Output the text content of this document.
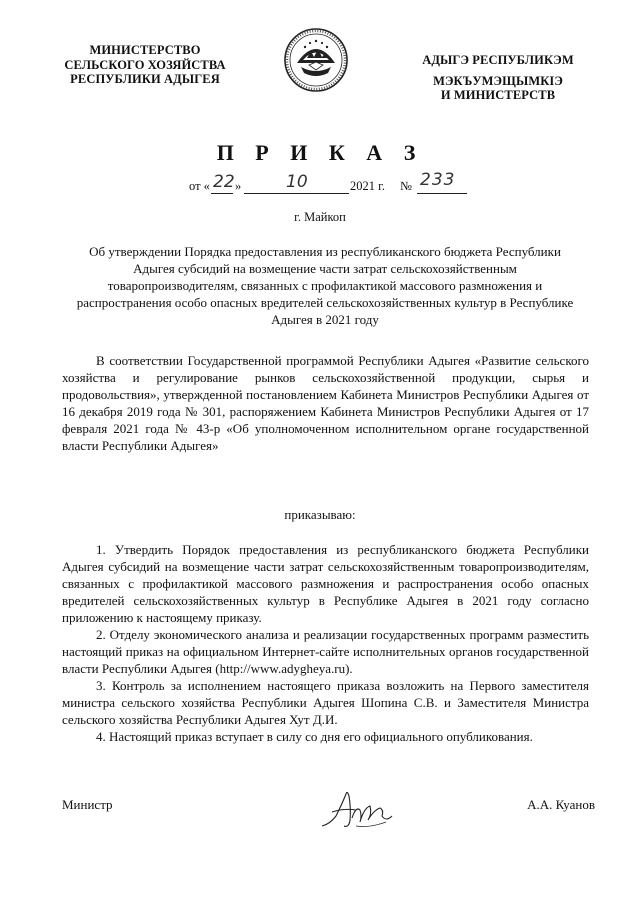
МИНИСТЕРСТВО
СЕЛЬСКОГО ХОЗЯЙСТВА
РЕСПУБЛИКИ АДЫГЕЯ
АДЫГЭ РЕСПУБЛИКЭМ
МЭКЪУМЭЩЫМКIЭ
И МИНИСТЕРСТВ
П Р И К А З
от « »
22	10	2021 г. № 233
г. Майкоп
Об утверждении Порядка предоставления из республиканского бюджета Республики Адыгея субсидий на возмещение части затрат сельскохозяйственным товаропроизводителям, связанных с профилактикой массового размножения и распространения особо опасных вредителей сельскохозяйственных культур в Республике Адыгея в 2021 году
В соответствии Государственной программой Республики Адыгея «Развитие сельского хозяйства и регулирование рынков сельскохозяйственной продукции, сырья и продовольствия», утвержденной постановлением Кабинета Министров Республики Адыгея от 16 декабря 2019 года № 301, распоряжением Кабинета Министров Республики Адыгея от 17 февраля 2021 года № 43-р «Об уполномоченном исполнительном органе государственной власти Республики Адыгея»
приказываю:
1. Утвердить Порядок предоставления из республиканского бюджета Республики Адыгея субсидий на возмещение части затрат сельскохозяйственным товаропроизводителям, связанных с профилактикой массового размножения и распространения особо опасных вредителей сельскохозяйственных культур в Республике Адыгея в 2021 году согласно приложению к настоящему приказу.
2. Отделу экономического анализа и реализации государственных программ разместить настоящий приказ на официальном Интернет-сайте исполнительных органов государственной власти Республики Адыгея (http://www.adygheya.ru).
3. Контроль за исполнением настоящего приказа возложить на Первого заместителя министра сельского хозяйства Республики Адыгея Шопина С.В. и Заместителя Министра сельского хозяйства Республики Адыгея Хут Д.И.
4. Настоящий приказ вступает в силу со дня его официального опубликования.
Министр	А.А. Куанов
